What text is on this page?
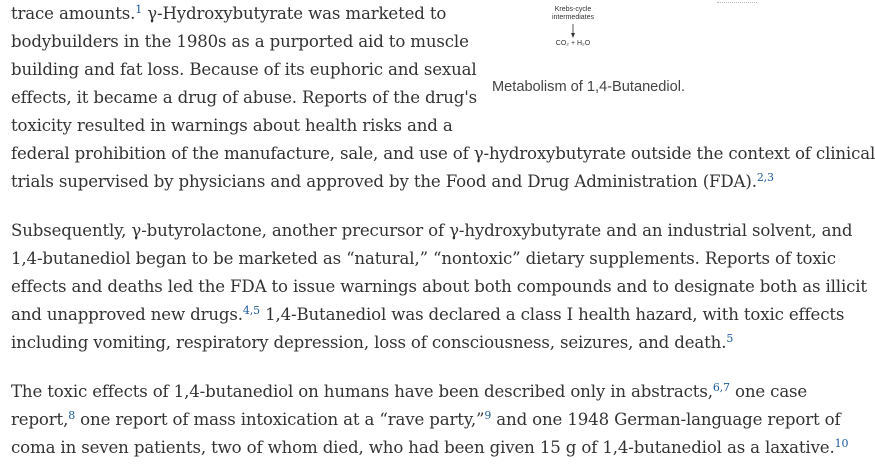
Krebs-cycle intermediates
CO₂ + H₂O
Metabolism of 1,4-Butanediol.
trace amounts.$^1$ γ-Hydroxybutyrate was marketed to
bodybuilders in the 1980s as a purported aid to muscle
building and fat loss. Because of its euphoric and sexual
effects, it became a drug of abuse. Reports of the drug's
toxicity resulted in warnings about health risks and a
federal prohibition of the manufacture, sale, and use of γ-hydroxybutyrate outside the context of clinical
trials supervised by physicians and approved by the Food and Drug Administration (FDA).$^{2,3}$
Subsequently, γ-butyrolactone, another precursor of γ-hydroxybutyrate and an industrial solvent, and
1,4-butanediol began to be marketed as “natural,” “nontoxic” dietary supplements. Reports of toxic
effects and deaths led the FDA to issue warnings about both compounds and to designate both as illicit
and unapproved new drugs.$^{4,5}$ 1,4-Butanediol was declared a class I health hazard, with toxic effects
including vomiting, respiratory depression, loss of consciousness, seizures, and death.$^5$
The toxic effects of 1,4-butanediol on humans have been described only in abstracts,$^{6,7}$ one case
report,$^8$ one report of mass intoxication at a “rave party,”$^9$ and one 1948 German-language report of
coma in seven patients, two of whom died, who had been given 15 g of 1,4-butanediol as a laxative.$^{10}$
